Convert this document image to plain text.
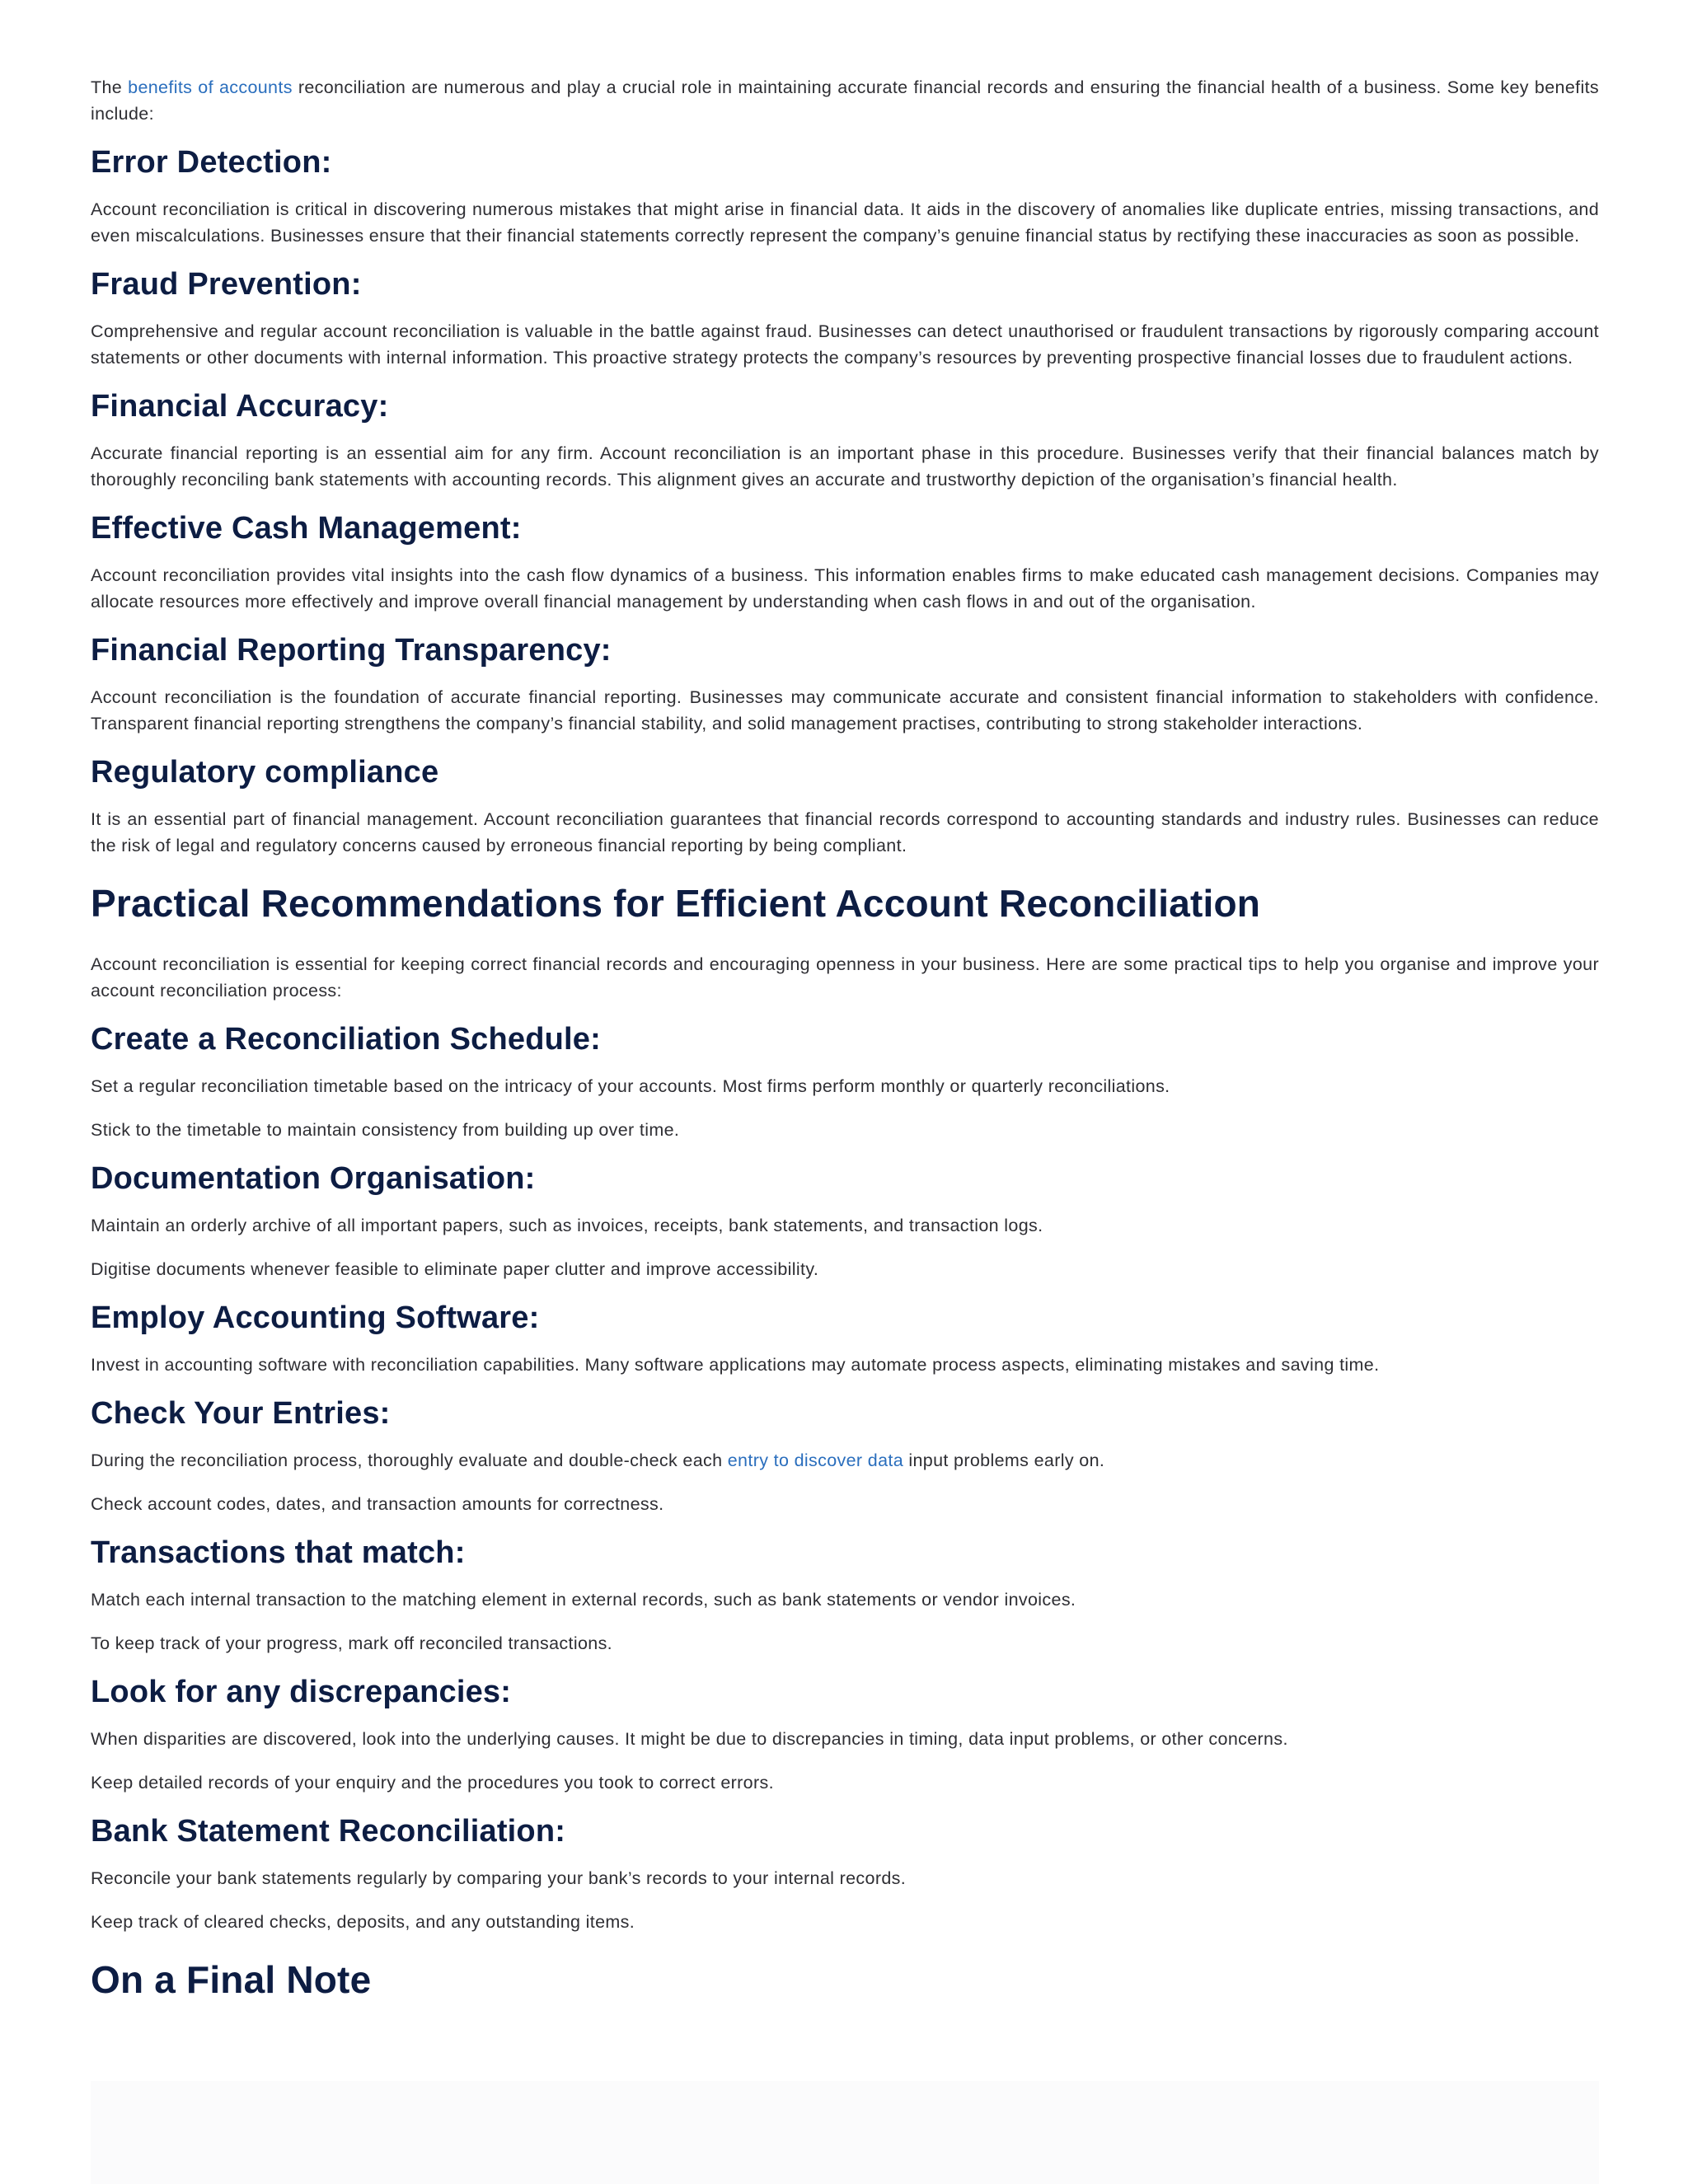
The benefits of accounts reconciliation are numerous and play a crucial role in maintaining accurate financial records and ensuring the financial health of a business. Some key benefits include:

Error Detection:

Account reconciliation is critical in discovering numerous mistakes that might arise in financial data. It aids in the discovery of anomalies like duplicate entries, missing transactions, and even miscalculations. Businesses ensure that their financial statements correctly represent the company’s genuine financial status by rectifying these inaccuracies as soon as possible.

Fraud Prevention:

Comprehensive and regular account reconciliation is valuable in the battle against fraud. Businesses can detect unauthorised or fraudulent transactions by rigorously comparing account statements or other documents with internal information. This proactive strategy protects the company’s resources by preventing prospective financial losses due to fraudulent actions.

Financial Accuracy:

Accurate financial reporting is an essential aim for any firm. Account reconciliation is an important phase in this procedure. Businesses verify that their financial balances match by thoroughly reconciling bank statements with accounting records. This alignment gives an accurate and trustworthy depiction of the organisation’s financial health.

Effective Cash Management:

Account reconciliation provides vital insights into the cash flow dynamics of a business. This information enables firms to make educated cash management decisions. Companies may allocate resources more effectively and improve overall financial management by understanding when cash flows in and out of the organisation.

Financial Reporting Transparency:

Account reconciliation is the foundation of accurate financial reporting. Businesses may communicate accurate and consistent financial information to stakeholders with confidence. Transparent financial reporting strengthens the company’s financial stability, and solid management practises, contributing to strong stakeholder interactions.

Regulatory compliance

It is an essential part of financial management. Account reconciliation guarantees that financial records correspond to accounting standards and industry rules. Businesses can reduce the risk of legal and regulatory concerns caused by erroneous financial reporting by being compliant.

Practical Recommendations for Efficient Account Reconciliation

Account reconciliation is essential for keeping correct financial records and encouraging openness in your business. Here are some practical tips to help you organise and improve your account reconciliation process:

Create a Reconciliation Schedule:

Set a regular reconciliation timetable based on the intricacy of your accounts. Most firms perform monthly or quarterly reconciliations.

Stick to the timetable to maintain consistency from building up over time.

Documentation Organisation:

Maintain an orderly archive of all important papers, such as invoices, receipts, bank statements, and transaction logs.

Digitise documents whenever feasible to eliminate paper clutter and improve accessibility.

Employ Accounting Software:

Invest in accounting software with reconciliation capabilities. Many software applications may automate process aspects, eliminating mistakes and saving time.

Check Your Entries:

During the reconciliation process, thoroughly evaluate and double-check each entry to discover data input problems early on.

Check account codes, dates, and transaction amounts for correctness.

Transactions that match:

Match each internal transaction to the matching element in external records, such as bank statements or vendor invoices.

To keep track of your progress, mark off reconciled transactions.

Look for any discrepancies:

When disparities are discovered, look into the underlying causes. It might be due to discrepancies in timing, data input problems, or other concerns.

Keep detailed records of your enquiry and the procedures you took to correct errors.

Bank Statement Reconciliation:

Reconcile your bank statements regularly by comparing your bank’s records to your internal records.

Keep track of cleared checks, deposits, and any outstanding items.

On a Final Note
